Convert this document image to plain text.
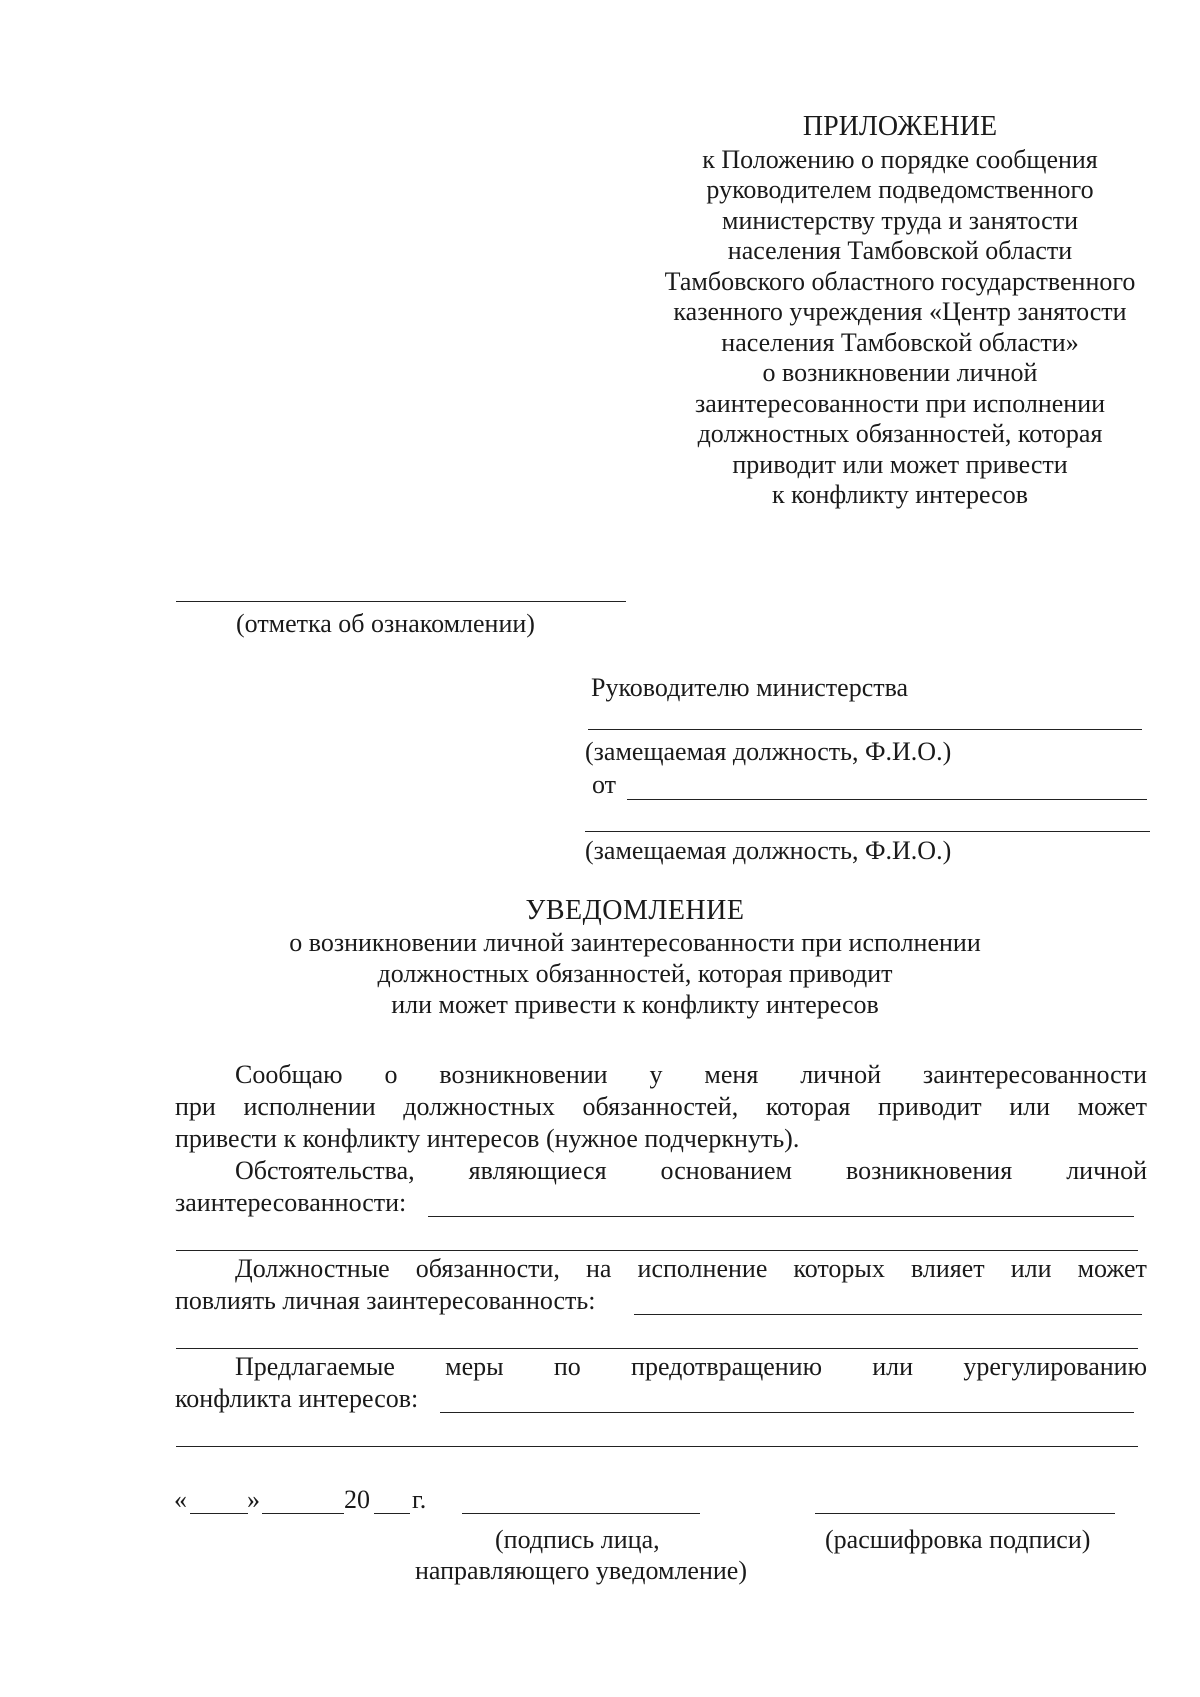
ПРИЛОЖЕНИЕ
к Положению о порядке сообщения
руководителем подведомственного
министерству труда и занятости
населения Тамбовской области
Тамбовского областного государственного
казенного учреждения «Центр занятости
населения Тамбовской области»
о возникновении личной
заинтересованности при исполнении
должностных обязанностей, которая
приводит или может привести
к конфликту интересов
(отметка об ознакомлении)
Руководителю министерства
(замещаемая должность, Ф.И.О.)
от
(замещаемая должность, Ф.И.О.)
УВЕДОМЛЕНИЕ
о возникновении личной заинтересованности при исполнении
должностных обязанностей, которая приводит
или может привести к конфликту интересов
Сообщаю о возникновении у меня личной заинтересованности
при исполнении должностных обязанностей, которая приводит или может
привести к конфликту интересов (нужное подчеркнуть).
Обстоятельства, являющиеся основанием возникновения личной
заинтересованности:
Должностные обязанности, на исполнение которых влияет или может
повлиять личная заинтересованность:
Предлагаемые меры по предотвращению или урегулированию
конфликта интересов:
« »	20 г.
(подпись лица,
направляющего уведомление)
(расшифровка подписи)
